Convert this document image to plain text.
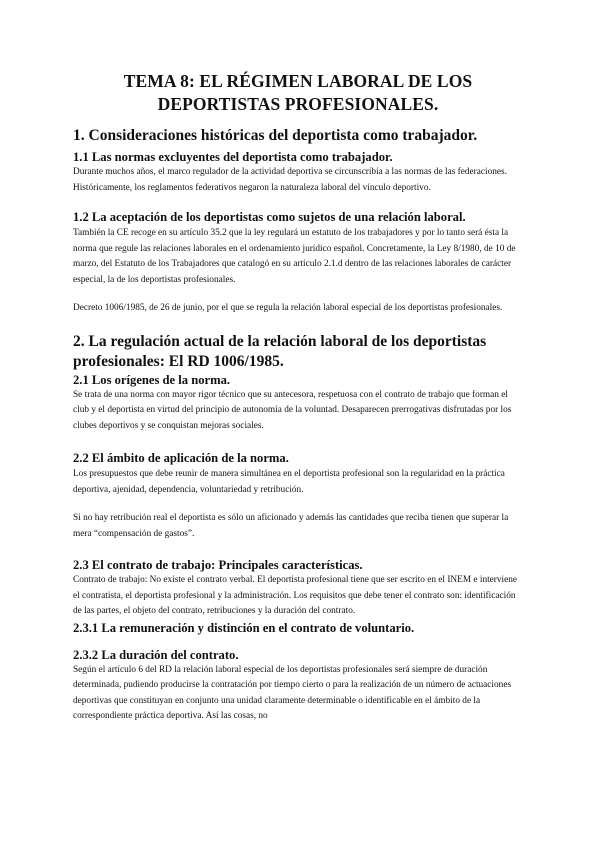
TEMA 8: EL RÉGIMEN LABORAL DE LOS
DEPORTISTAS PROFESIONALES.
1. Consideraciones históricas del deportista como trabajador.
1.1 Las normas excluyentes del deportista como trabajador.

Durante muchos años, el marco regulador de la actividad deportiva se circunscribía a las normas de las federaciones. Históricamente, los reglamentos federativos negaron la naturaleza laboral del vínculo deportivo.

1.2 La aceptación de los deportistas como sujetos de una relación laboral.

También la CE recoge en su artículo 35.2 que la ley regulará un estatuto de los trabajadores y por lo tanto será ésta la norma que regule las relaciones laborales en el ordenamiento jurídico español. Concretamente, la Ley 8/1980, de 10 de marzo, del Estatuto de los Trabajadores que catalogó en su artículo 2.1.d dentro de las relaciones laborales de carácter especial, la de los deportistas profesionales.

Decreto 1006/1985, de 26 de junio, por el que se regula la relación laboral especial de los deportistas profesionales.

2. La regulación actual de la relación laboral de los deportistas profesionales: El RD 1006/1985.
2.1 Los orígenes de la norma.

Se trata de una norma con mayor rigor técnico que su antecesora, respetuosa con el contrato de trabajo que forman el club y el deportista en virtud del principio de autonomía de la voluntad. Desaparecen prerrogativas disfrutadas por los clubes deportivos y se conquistan mejoras sociales.

2.2 El ámbito de aplicación de la norma.

Los presupuestos que debe reunir de manera simultánea en el deportista profesional son la regularidad en la práctica deportiva, ajenidad, dependencia, voluntariedad y retribución.

Si no hay retribución real el deportista es sólo un aficionado y además las cantidades que reciba tienen que superar la mera “compensación de gastos”.

2.3 El contrato de trabajo: Principales características.

Contrato de trabajo: No existe el contrato verbal. El deportista profesional tiene que ser escrito en el INEM e interviene el contratista, el deportista profesional y la administración. Los requisitos que debe tener el contrato son: identificación de las partes, el objeto del contrato, retribuciones y la duración del contrato.

2.3.1 La remuneración y distinción en el contrato de voluntario.
2.3.2 La duración del contrato.

Según el artículo 6 del RD la relación laboral especial de los deportistas profesionales será siempre de duración determinada, pudiendo producirse la contratación por tiempo cierto o para la realización de un número de actuaciones deportivas que constituyan en conjunto una unidad claramente determinable o identificable en el ámbito de la correspondiente práctica deportiva. Así las cosas, no
